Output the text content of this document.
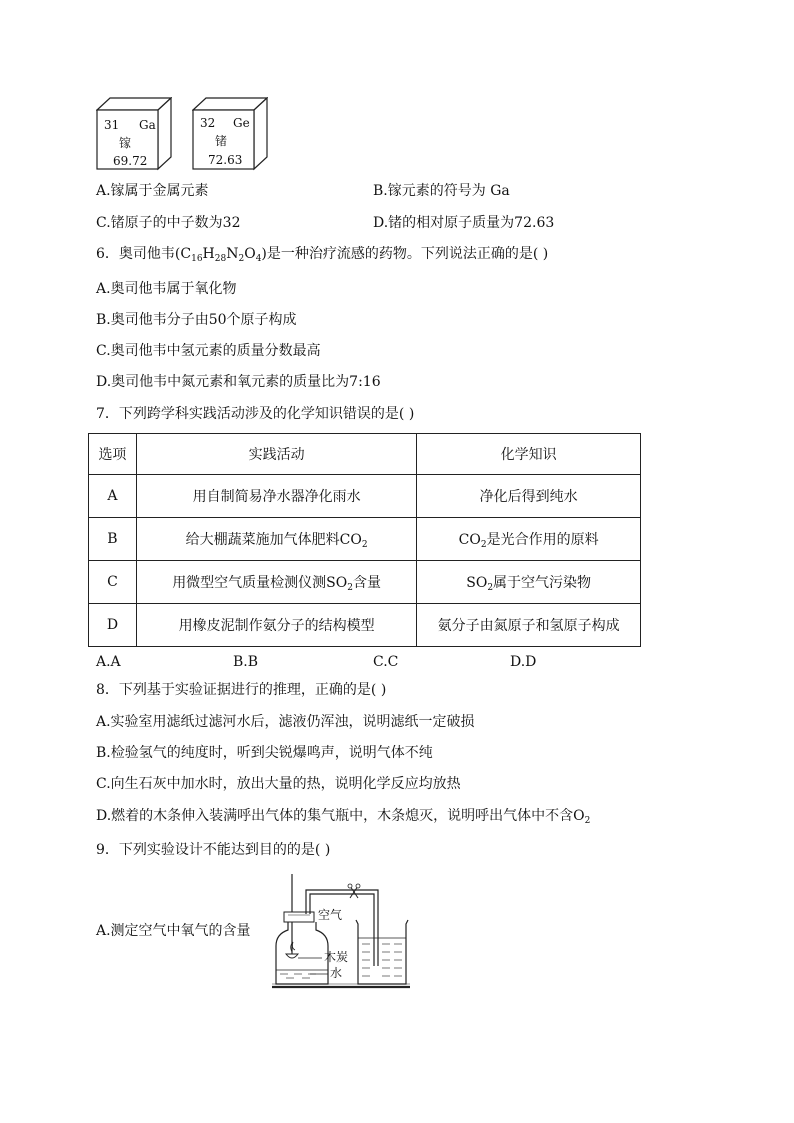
31 Ga
镓
69.72
32 Ge
锗
72.63
A.镓属于金属元素	B.镓元素的符号为 Ga
C.锗原子的中子数为32	D.锗的相对原子质量为72.63
6．奥司他韦$(C_{16}H_{28}N_2O_4)$是一种治疗流感的药物。下列说法正确的是( )
A.奥司他韦属于氧化物
B.奥司他韦分子由50个原子构成
C.奥司他韦中氢元素的质量分数最高
D.奥司他韦中氮元素和氧元素的质量比为7:16
7．下列跨学科实践活动涉及的化学知识错误的是( )
选项	实践活动	化学知识
A	用自制简易净水器净化雨水	净化后得到纯水
B	给大棚蔬菜施加气体肥料$CO_2$	$CO_2$是光合作用的原料
C	用微型空气质量检测仪测$SO_2$含量	$SO_2$属于空气污染物
D	用橡皮泥制作氨分子的结构模型	氨分子由氮原子和氢原子构成
A.A	B.B	C.C	D.D
8．下列基于实验证据进行的推理，正确的是( )
A.实验室用滤纸过滤河水后，滤液仍浑浊，说明滤纸一定破损
B.检验氢气的纯度时，听到尖锐爆鸣声，说明气体不纯
C.向生石灰中加水时，放出大量的热，说明化学反应均放热
D.燃着的木条伸入装满呼出气体的集气瓶中，木条熄灭，说明呼出气体中不含$O_2$
9．下列实验设计不能达到目的的是( )
A.测定空气中氧气的含量
空气
木炭
水
